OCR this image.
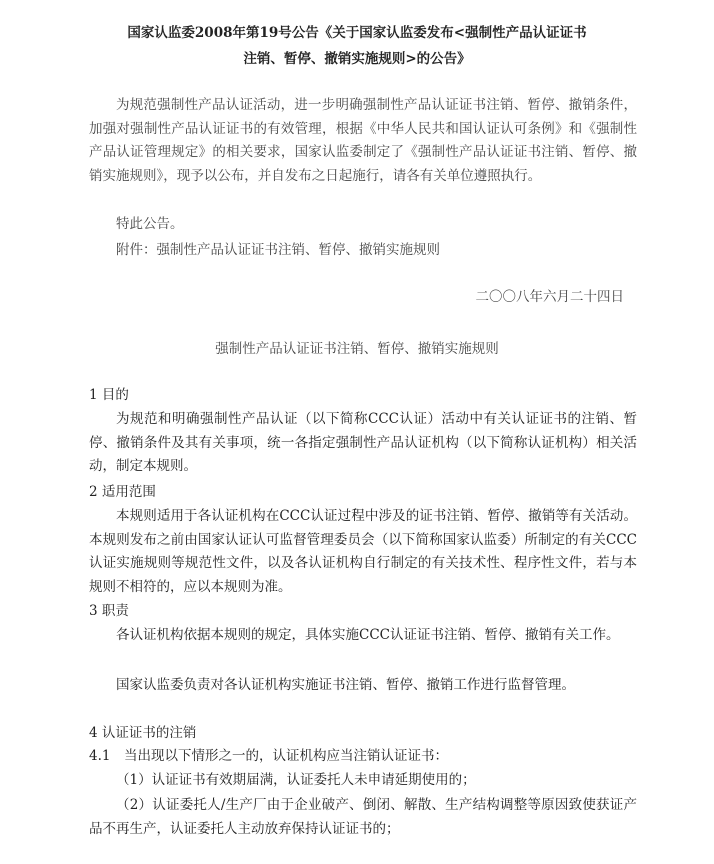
国家认监委2008年第19号公告《关于国家认监委发布<强制性产品认证证书
注销、暂停、撤销实施规则>的公告》
为规范强制性产品认证活动，进一步明确强制性产品认证证书注销、暂停、撤销条件，加强对强制性产品认证证书的有效管理，根据《中华人民共和国认证认可条例》和《强制性产品认证管理规定》的相关要求，国家认监委制定了《强制性产品认证证书注销、暂停、撤销实施规则》，现予以公布，并自发布之日起施行，请各有关单位遵照执行。
特此公告。
附件：强制性产品认证证书注销、暂停、撤销实施规则
二〇〇八年六月二十四日
强制性产品认证证书注销、暂停、撤销实施规则
1 目的
为规范和明确强制性产品认证（以下简称CCC认证）活动中有关认证证书的注销、暂停、撤销条件及其有关事项，统一各指定强制性产品认证机构（以下简称认证机构）相关活动，制定本规则。
2 适用范围
本规则适用于各认证机构在CCC认证过程中涉及的证书注销、暂停、撤销等有关活动。本规则发布之前由国家认证认可监督管理委员会（以下简称国家认监委）所制定的有关CCC认证实施规则等规范性文件，以及各认证机构自行制定的有关技术性、程序性文件，若与本规则不相符的，应以本规则为准。
3 职责
各认证机构依据本规则的规定，具体实施CCC认证证书注销、暂停、撤销有关工作。
国家认监委负责对各认证机构实施证书注销、暂停、撤销工作进行监督管理。
4 认证证书的注销
4.1　当出现以下情形之一的，认证机构应当注销认证证书：
（1）认证证书有效期届满，认证委托人未申请延期使用的；
（2）认证委托人/生产厂由于企业破产、倒闭、解散、生产结构调整等原因致使获证产品不再生产，认证委托人主动放弃保持认证证书的；
